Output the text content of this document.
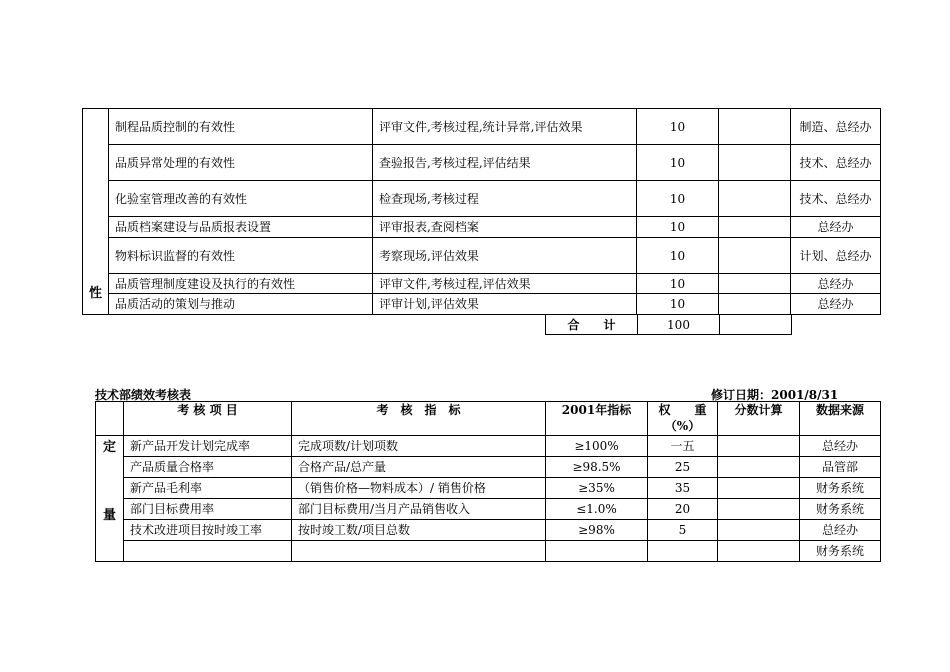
性	制程品质控制的有效性	评审文件,考核过程,统计异常,评估效果	10		制造、总经办
	品质异常处理的有效性	查验报告,考核过程,评估结果	10		技术、总经办
	化验室管理改善的有效性	检查现场,考核过程	10		技术、总经办
	品质档案建设与品质报表设置	评审报表,查阅档案	10		总经办
	物料标识监督的有效性	考察现场,评估效果	10		计划、总经办
	品质管理制度建设及执行的有效性	评审文件,考核过程,评估效果	10		总经办
	品质活动的策划与推动	评审计划,评估效果	10		总经办
合　　计	100	
技术部绩效考核表	修订日期：2001/8/31
	考 核 项 目	考　核　指　标	2001年指标	权　　重（%）	分数计算	数据来源

定
量	新产品开发计划完成率	完成项数/计划项数	≥100%	一五		总经办
	产品质量合格率	合格产品/总产量	≥98.5%	25		品管部
	新产品毛利率	（销售价格—物料成本）/ 销售价格	≥35%	35		财务系统
	部门目标费用率	部门目标费用/当月产品销售收入	≤1.0%	20		财务系统
	技术改进项目按时竣工率	按时竣工数/项目总数	≥98%	5		总经办
						财务系统
